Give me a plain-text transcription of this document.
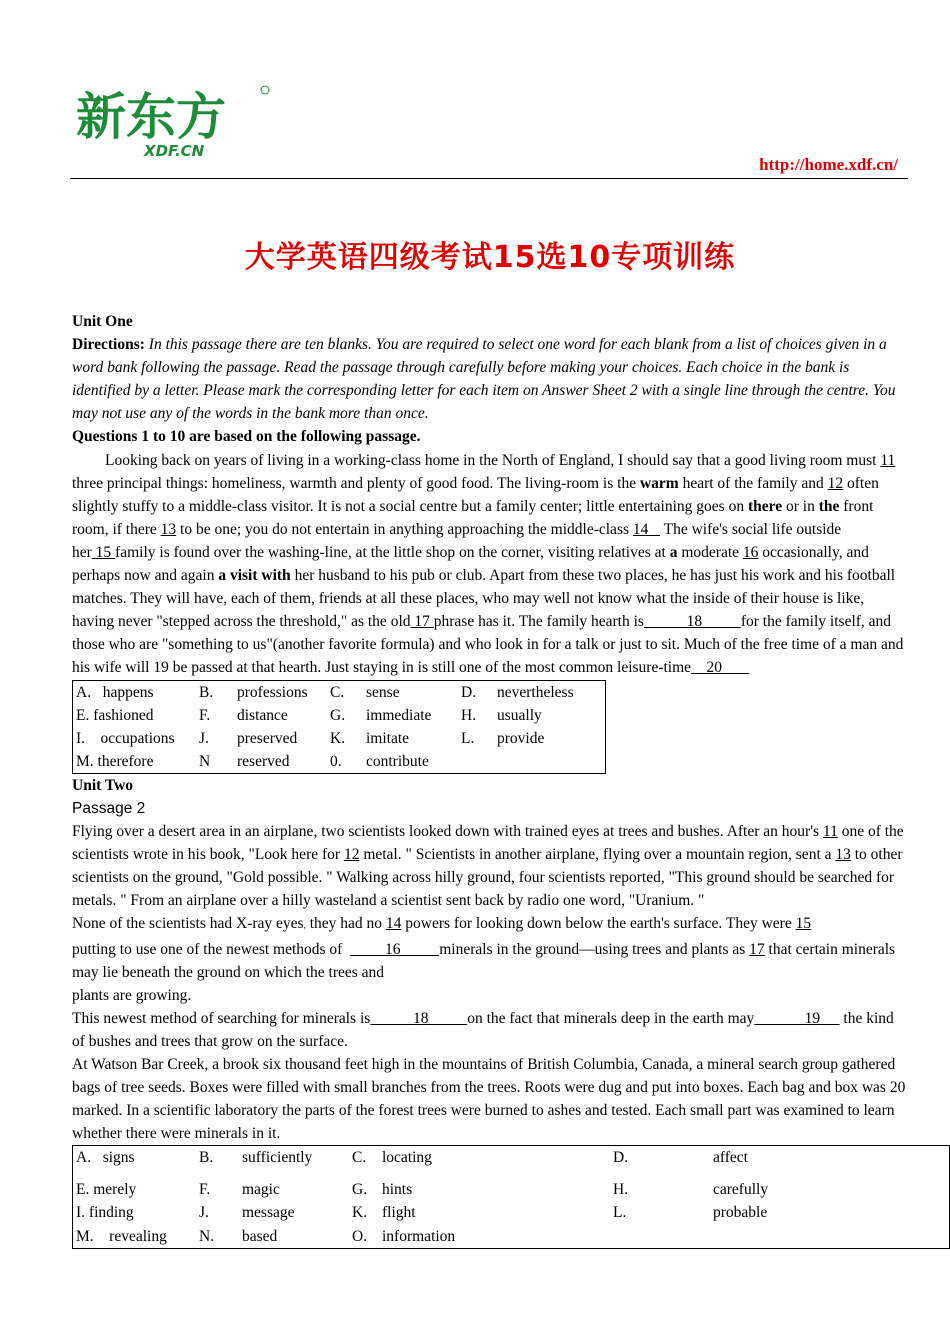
新东方
XDF.CN
http://home.xdf.cn/
大学英语四级考试15选10专项训练

Unit One

Directions: In this passage there are ten blanks. You are required to select one word for each blank from a list of choices given in a word bank following the passage. Read the passage through carefully before making your choices. Each choice in the bank is identified by a letter. Please mark the corresponding letter for each item on Answer Sheet 2 with a single line through the centre. You may not use any of the words in the bank more than once.

Questions 1 to 10 are based on the following passage.

Looking back on years of living in a working-class home in the North of England, I should say that a good living room must 11 three principal things: homeliness, warmth and plenty of good food. The living-room is the warm heart of the family and 12 often slightly stuffy to a middle-class visitor. It is not a social centre but a family center; little entertaining goes on there or in the front room, if there 13 to be one; you do not entertain in anything approaching the middle-class 14 The wife's social life outside her 15 family is found over the washing-line, at the little shop on the corner, visiting relatives at a moderate 16 occasionally, and perhaps now and again a visit with her husband to his pub or club. Apart from these two places, he has just his work and his football matches. They will have, each of them, friends at all these places, who may well not know what the inside of their house is like, having never "stepped across the threshold," as the old 17 phrase has it. The family hearth is	18	for the family itself, and those who are "something to us"(another favorite formula) and who look in for a talk or just to sit. Much of the free time of a man and his wife will 19 be passed at that hearth. Just staying in is still one of the most common leisure-time 20

A. happens	B.	professions	C.	sense	D.	nevertheless
E. fashioned	F.	distance	G.	immediate	H.	usually
I. occupations	J.	preserved	K.	imitate	L.	provide
M. therefore	N	reserved	0.	contribute		

Unit Two

Passage 2

Flying over a desert area in an airplane, two scientists looked down with trained eyes at trees and bushes. After an hour's 11 one of the scientists wrote in his book, "Look here for 12 metal. " Scientists in another airplane, flying over a mountain region, sent a 13 to other scientists on the ground, "Gold possible. " Walking across hilly ground, four scientists reported, "This ground should be searched for metals. " From an airplane over a hilly wasteland a scientist sent back by radio one word, "Uranium. "

None of the scientists had X-ray eyes, they had no 14 powers for looking down below the earth's surface. They were 15
putting to use one of the newest methods of	16	minerals in the ground—using trees and plants as 17 that certain minerals may lie beneath the ground on which the trees and

plants are growing.

This newest method of searching for minerals is	18	on the fact that minerals deep in the earth may	19 the kind of bushes and trees that grow on the surface.

At Watson Bar Creek, a brook six thousand feet high in the mountains of British Columbia, Canada, a mineral search group gathered bags of tree seeds. Boxes were filled with small branches from the trees. Roots were dug and put into boxes. Each bag and box was 20 marked. In a scientific laboratory the parts of the forest trees were burned to ashes and tested. Each small part was examined to learn whether there were minerals in it.

A. signs	B.	sufficiently	C.	locating	D.	affect
E. merely	F.	magic	G.	hints	H.	carefully
I. finding	J.	message	K.	flight	L.	probable
M. revealing	N.	based	O.	information		
